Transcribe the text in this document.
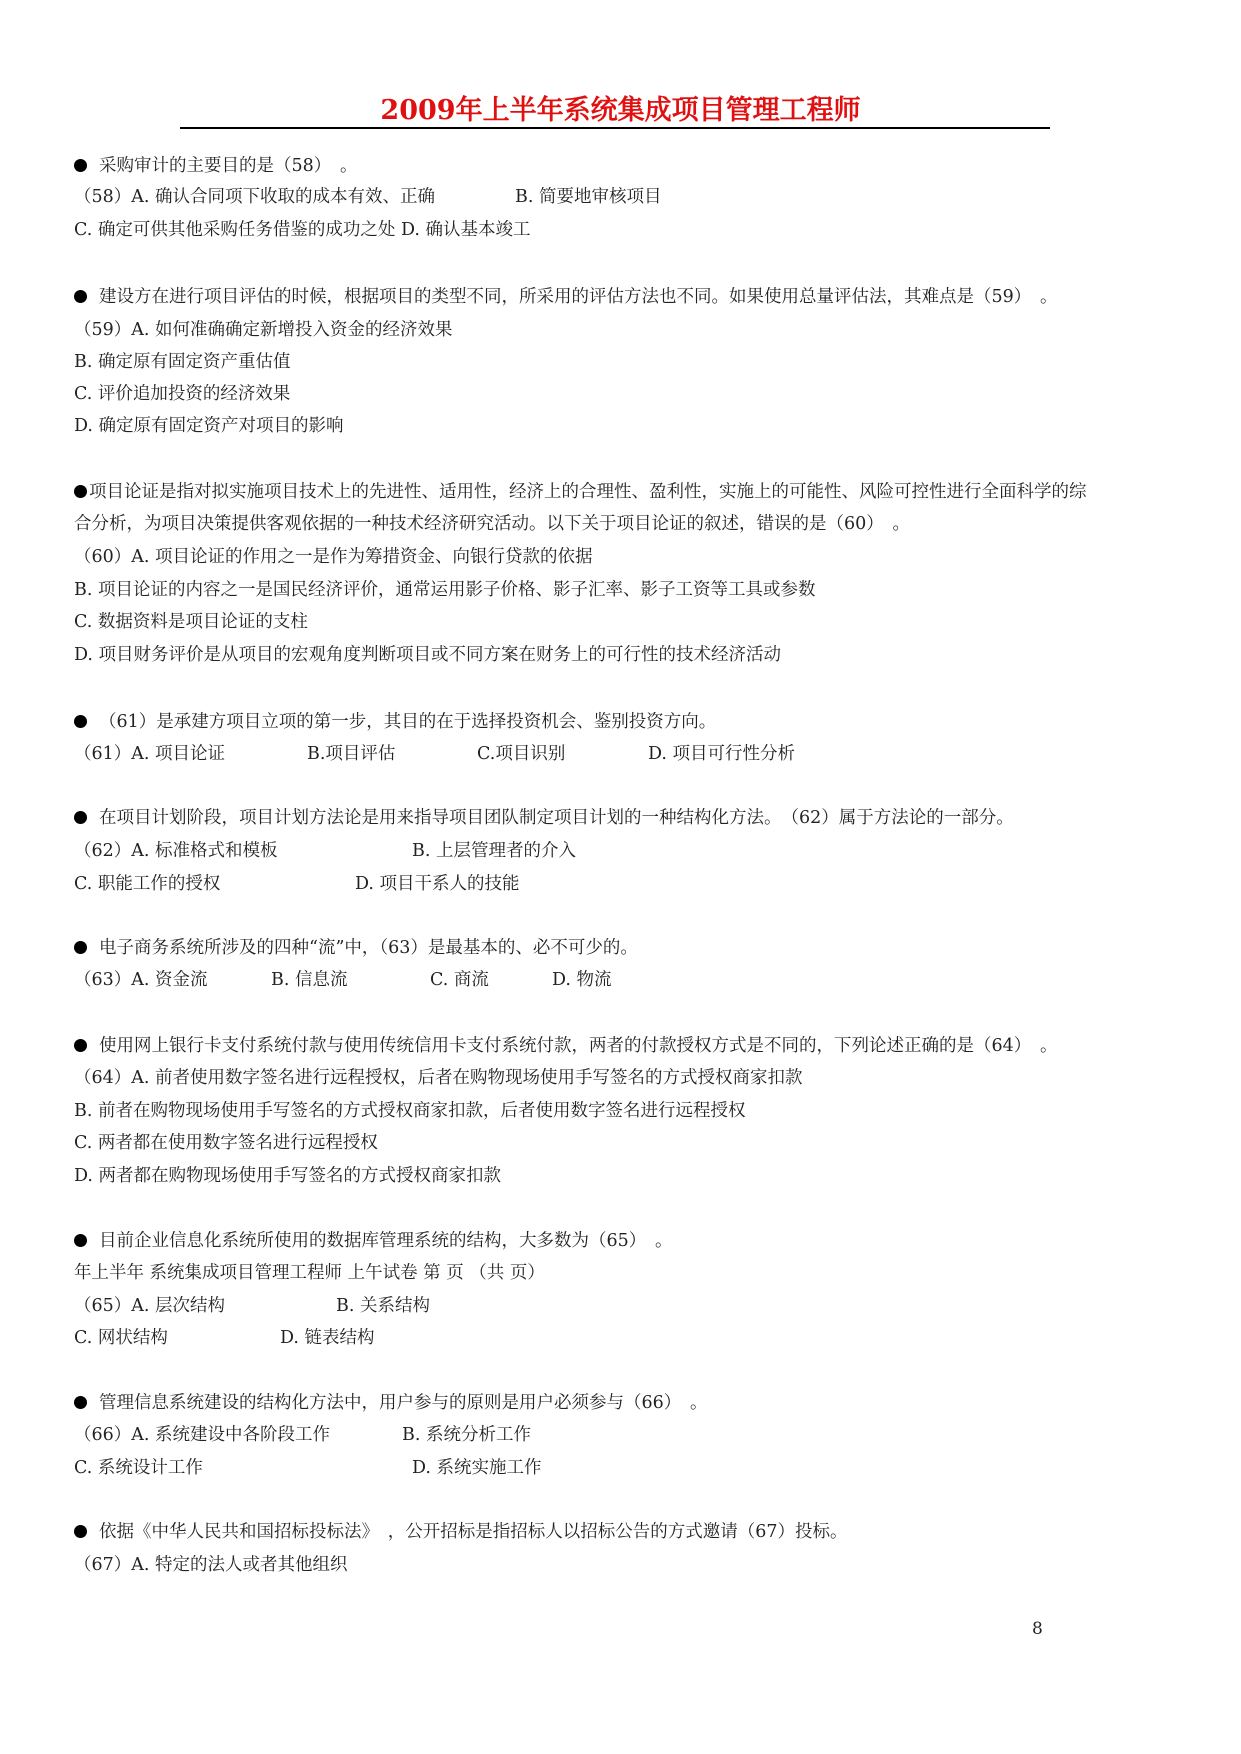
2009年上半年系统集成项目管理工程师
采购审计的主要目的是（58）　。
（58）A. 确认合同项下收取的成本有效、正确	B. 简要地审核项目
C. 确定可供其他采购任务借鉴的成功之处 D. 确认基本竣工
建设方在进行项目评估的时候，根据项目的类型不同，所采用的评估方法也不同。如果使用总量评估法，其难点是（59）　。
（59）A. 如何准确确定新增投入资金的经济效果
B. 确定原有固定资产重估值
C. 评价追加投资的经济效果
D. 确定原有固定资产对项目的影响
项目论证是指对拟实施项目技术上的先进性、适用性，经济上的合理性、盈利性，实施上的可能性、风险可控性进行全面科学的综
合分析，为项目决策提供客观依据的一种技术经济研究活动。以下关于项目论证的叙述，错误的是（60）　。
（60）A. 项目论证的作用之一是作为筹措资金、向银行贷款的依据
B. 项目论证的内容之一是国民经济评价，通常运用影子价格、影子汇率、影子工资等工具或参数
C. 数据资料是项目论证的支柱
D. 项目财务评价是从项目的宏观角度判断项目或不同方案在财务上的可行性的技术经济活动
（61）是承建方项目立项的第一步，其目的在于选择投资机会、鉴别投资方向。
（61）A. 项目论证	B.项目评估	C.项目识别	D. 项目可行性分析
在项目计划阶段，项目计划方法论是用来指导项目团队制定项目计划的一种结构化方法。　（62）属于方法论的一部分。
（62）A. 标准格式和模板	B. 上层管理者的介入
C. 职能工作的授权	D. 项目干系人的技能
电子商务系统所涉及的四种“流”中，（63）是最基本的、必不可少的。
（63）A. 资金流	B. 信息流	C. 商流	D. 物流
使用网上银行卡支付系统付款与使用传统信用卡支付系统付款，两者的付款授权方式是不同的，下列论述正确的是（64）　。
（64）A. 前者使用数字签名进行远程授权，后者在购物现场使用手写签名的方式授权商家扣款
B. 前者在购物现场使用手写签名的方式授权商家扣款，后者使用数字签名进行远程授权
C. 两者都在使用数字签名进行远程授权
D. 两者都在购物现场使用手写签名的方式授权商家扣款
目前企业信息化系统所使用的数据库管理系统的结构，大多数为（65）　。
年上半年 系统集成项目管理工程师 上午试卷 第 页 （共 页）
（65）A. 层次结构	B. 关系结构
C. 网状结构	D. 链表结构
管理信息系统建设的结构化方法中，用户参与的原则是用户必须参与（66）　。
（66）A. 系统建设中各阶段工作	B. 系统分析工作
C. 系统设计工作	D. 系统实施工作
依据《中华人民共和国招标投标法》　，公开招标是指招标人以招标公告的方式邀请（67）投标。
（67）A. 特定的法人或者其他组织
8
